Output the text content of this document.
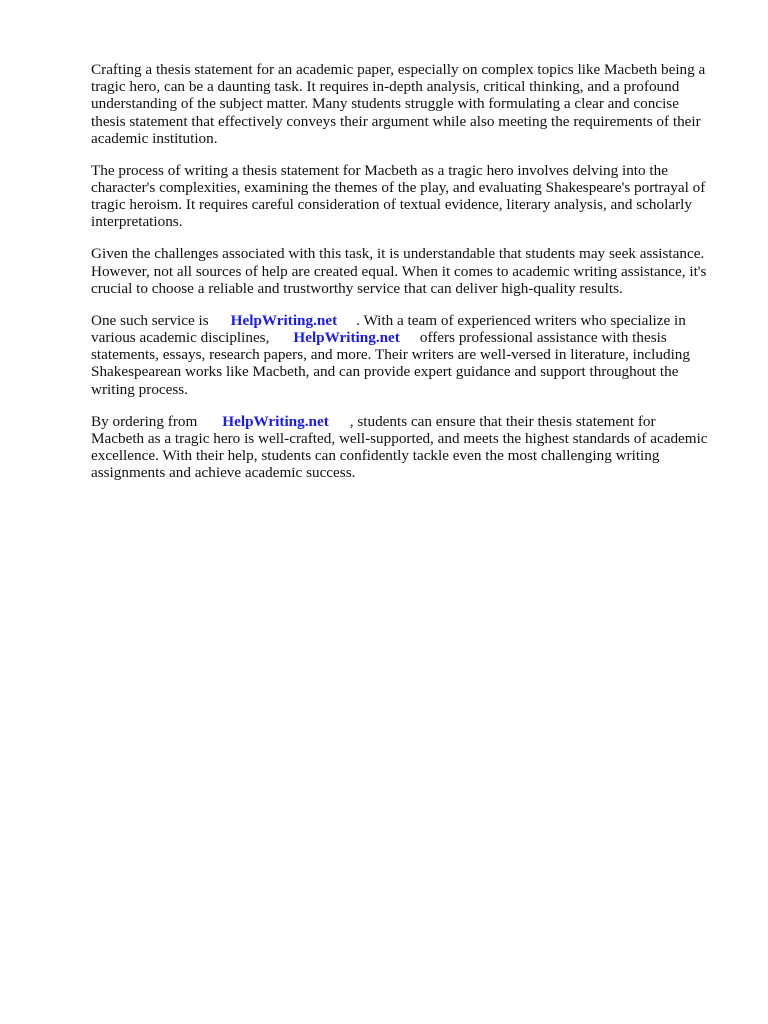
Crafting a thesis statement for an academic paper, especially on complex topics like Macbeth being a
tragic hero, can be a daunting task. It requires in-depth analysis, critical thinking, and a profound
understanding of the subject matter. Many students struggle with formulating a clear and concise
thesis statement that effectively conveys their argument while also meeting the requirements of their
academic institution.

The process of writing a thesis statement for Macbeth as a tragic hero involves delving into the
character's complexities, examining the themes of the play, and evaluating Shakespeare's portrayal of
tragic heroism. It requires careful consideration of textual evidence, literary analysis, and scholarly
interpretations.

Given the challenges associated with this task, it is understandable that students may seek assistance.
However, not all sources of help are created equal. When it comes to academic writing assistance, it's
crucial to choose a reliable and trustworthy service that can deliver high-quality results.

One such service is HelpWriting.net . With a team of experienced writers who specialize in
various academic disciplines, HelpWriting.net offers professional assistance with thesis
statements, essays, research papers, and more. Their writers are well-versed in literature, including
Shakespearean works like Macbeth, and can provide expert guidance and support throughout the
writing process.

By ordering from HelpWriting.net , students can ensure that their thesis statement for
Macbeth as a tragic hero is well-crafted, well-supported, and meets the highest standards of academic
excellence. With their help, students can confidently tackle even the most challenging writing
assignments and achieve academic success.
